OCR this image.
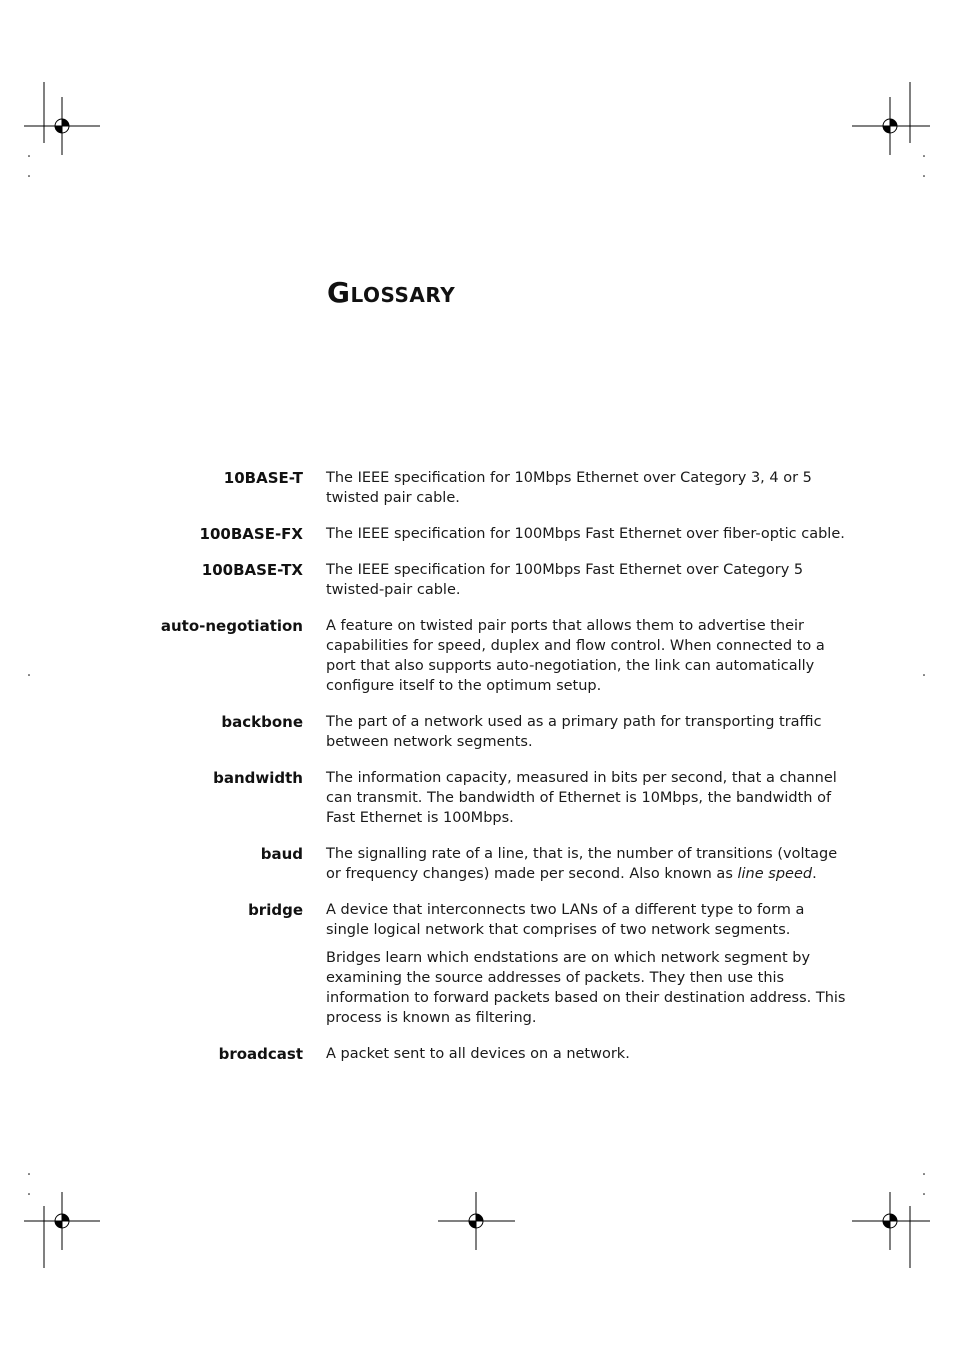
Glossary
10BASE-T The IEEE specification for 10Mbps Ethernet over Category 3, 4 or 5 twisted pair cable.

100BASE-FX The IEEE specification for 100Mbps Fast Ethernet over fiber-optic cable.

100BASE-TX The IEEE specification for 100Mbps Fast Ethernet over Category 5 twisted-pair cable.

auto-negotiation A feature on twisted pair ports that allows them to advertise their capabilities for speed, duplex and flow control. When connected to a port that also supports auto-negotiation, the link can automatically configure itself to the optimum setup.

backbone The part of a network used as a primary path for transporting traffic between network segments.

bandwidth The information capacity, measured in bits per second, that a channel can transmit. The bandwidth of Ethernet is 10Mbps, the bandwidth of Fast Ethernet is 100Mbps.

baud The signalling rate of a line, that is, the number of transitions (voltage or frequency changes) made per second. Also known as line speed.

bridge A device that interconnects two LANs of a different type to form a single logical network that comprises of two network segments.

Bridges learn which endstations are on which network segment by examining the source addresses of packets. They then use this information to forward packets based on their destination address. This process is known as filtering.

broadcast A packet sent to all devices on a network.
